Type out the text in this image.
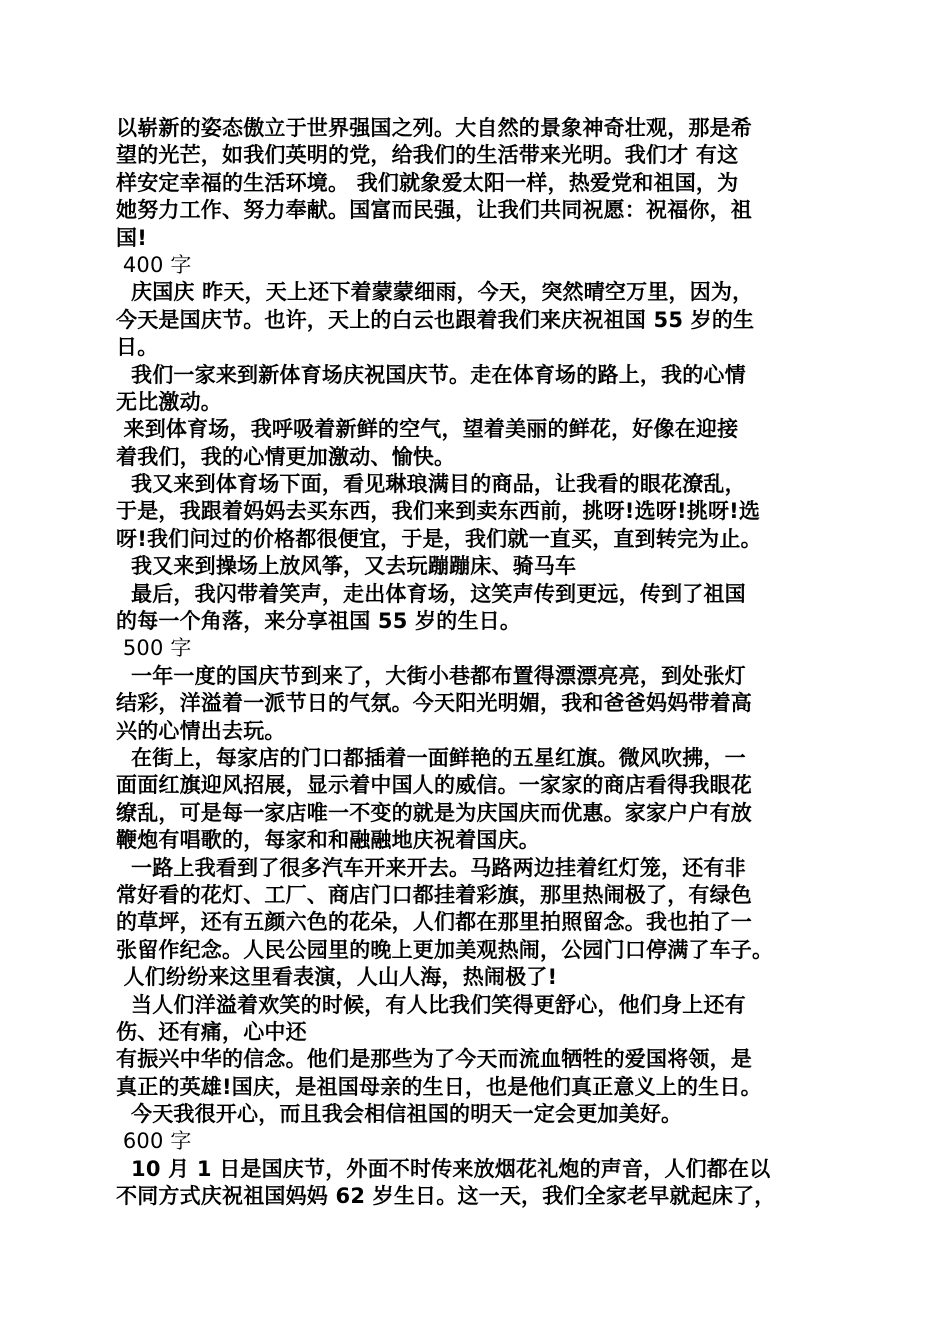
以崭新的姿态傲立于世界强国之列。大自然的景象神奇壮观，那是希
望的光芒，如我们英明的党，给我们的生活带来光明。我们才 有这
样安定幸福的生活环境。 我们就象爱太阳一样，热爱党和祖国，为
她努力工作、努力奉献。国富而民强，让我们共同祝愿：祝福你，祖
国!
400 字
庆国庆 昨天，天上还下着蒙蒙细雨，今天，突然晴空万里，因为，
今天是国庆节。也许，天上的白云也跟着我们来庆祝祖国 55 岁的生
日。
我们一家来到新体育场庆祝国庆节。走在体育场的路上，我的心情
无比激动。
来到体育场，我呼吸着新鲜的空气，望着美丽的鲜花，好像在迎接
着我们，我的心情更加激动、愉快。
我又来到体育场下面，看见琳琅满目的商品，让我看的眼花潦乱，
于是，我跟着妈妈去买东西，我们来到卖东西前，挑呀!选呀!挑呀!选
呀!我们问过的价格都很便宜，于是，我们就一直买，直到转完为止。
我又来到操场上放风筝，又去玩蹦蹦床、骑马车
最后，我闪带着笑声，走出体育场，这笑声传到更远，传到了祖国
的每一个角落，来分享祖国 55 岁的生日。
500 字
一年一度的国庆节到来了，大街小巷都布置得漂漂亮亮，到处张灯
结彩，洋溢着一派节日的气氛。今天阳光明媚，我和爸爸妈妈带着高
兴的心情出去玩。
在街上，每家店的门口都插着一面鲜艳的五星红旗。微风吹拂，一
面面红旗迎风招展，显示着中国人的威信。一家家的商店看得我眼花
缭乱，可是每一家店唯一不变的就是为庆国庆而优惠。家家户户有放
鞭炮有唱歌的，每家和和融融地庆祝着国庆。
一路上我看到了很多汽车开来开去。马路两边挂着红灯笼，还有非
常好看的花灯、工厂、商店门口都挂着彩旗，那里热闹极了，有绿色
的草坪，还有五颜六色的花朵，人们都在那里拍照留念。我也拍了一
张留作纪念。人民公园里的晚上更加美观热闹，公园门口停满了车子。
人们纷纷来这里看表演，人山人海，热闹极了!
当人们洋溢着欢笑的时候，有人比我们笑得更舒心，他们身上还有
伤、还有痛，心中还
有振兴中华的信念。他们是那些为了今天而流血牺牲的爱国将领，是
真正的英雄!国庆，是祖国母亲的生日，也是他们真正意义上的生日。
今天我很开心，而且我会相信祖国的明天一定会更加美好。
600 字
10 月 1 日是国庆节，外面不时传来放烟花礼炮的声音，人们都在以
不同方式庆祝祖国妈妈 62 岁生日。这一天，我们全家老早就起床了，
